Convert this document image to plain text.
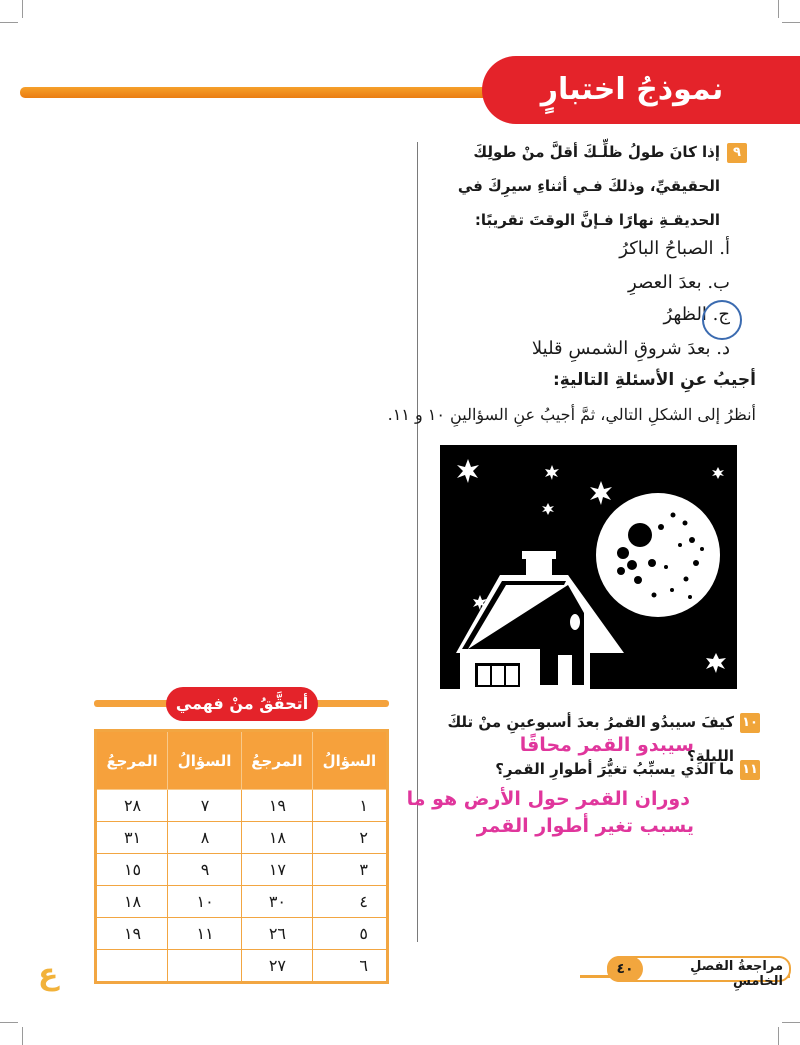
نموذجُ اختبارٍ
٩
إذا كانَ طولُ ظلِّـكَ أقلَّ منْ طولِكَ الحقيقيِّ، وذلكَ فـي أثناءِ سيرِكَ في الحديقـةِ نهارًا فـإنَّ الوقتَ تقريبًا:
أ. الصباحُ الباكرُ
ب. بعدَ العصرِ
ج. الظهرُ
د. بعدَ شروقِ الشمسِ قليلا
أجيبُ عنِ الأسئلةِ التاليةِ:
أنظرُ إلى الشكلِ التالي، ثمَّ أجيبُ عنِ السؤالينِ ١٠ و ١١.
١٠
كيفَ سيبدُو القمرُ بعدَ أسبوعينِ منْ تلكَ الليلةِ؟
سيبدو القمر محاقًا
١١
ما الذي يسبِّبُ تغيُّرَ أطوارِ القمرِ؟
دوران القمر حول الأرض هو ما
يسبب تغير أطوار القمر
أتحقَّقُ منْ فهمي
السؤالُ	المرجعُ	السؤالُ	المرجعُ
١	١٩	٧	٢٨
٢	١٨	٨	٣١
٣	١٧	٩	١٥
٤	٣٠	١٠	١٨
٥	٢٦	١١	١٩
٦	٢٧		
ع	٤٠	مراجعةُ الفصلِ الخامسِ
